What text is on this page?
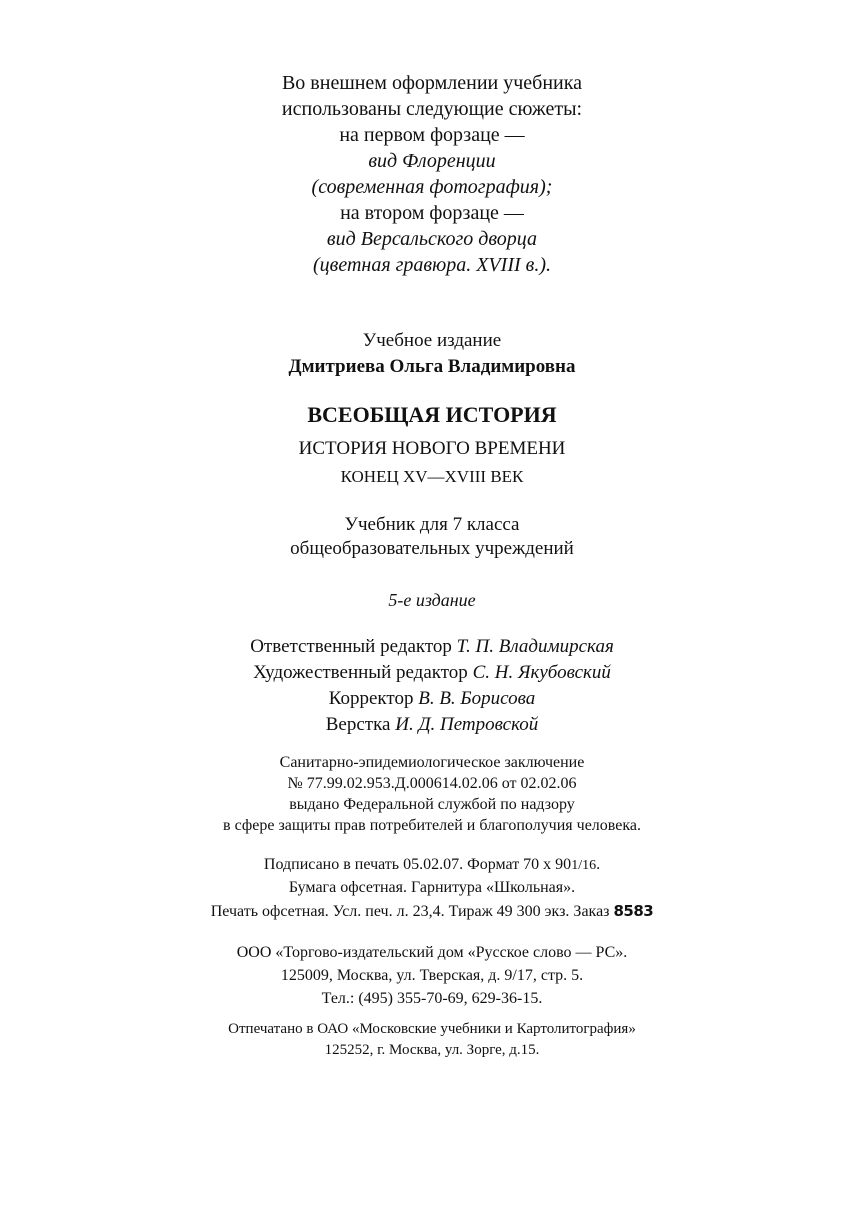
Во внешнем оформлении учебника
использованы следующие сюжеты:
на первом форзаце —
вид Флоренции
(современная фотография);
на втором форзаце —
вид Версальского дворца
(цветная гравюра. XVIII в.).
Учебное издание
Дмитриева Ольга Владимировна
ВСЕОБЩАЯ ИСТОРИЯ
ИСТОРИЯ НОВОГО ВРЕМЕНИ
КОНЕЦ XV—XVIII ВЕК
Учебник для 7 класса
общеобразовательных учреждений
5-е издание
Ответственный редактор Т. П. Владимирская
Художественный редактор С. Н. Якубовский
Корректор В. В. Борисова
Верстка И. Д. Петровской
Санитарно-эпидемиологическое заключение
№ 77.99.02.953.Д.000614.02.06 от 02.02.06
выдано Федеральной службой по надзору
в сфере защиты прав потребителей и благополучия человека.
Подписано в печать 05.02.07. Формат 70 x 901/16.
Бумага офсетная. Гарнитура «Школьная».
Печать офсетная. Усл. печ. л. 23,4. Тираж 49 300 экз. Заказ 8583
ООО «Торгово-издательский дом «Русское слово — РС».
125009, Москва, ул. Тверская, д. 9/17, стр. 5.
Тел.: (495) 355-70-69, 629-36-15.
Отпечатано в ОАО «Московские учебники и Картолитография»
125252, г. Москва, ул. Зорге, д.15.
